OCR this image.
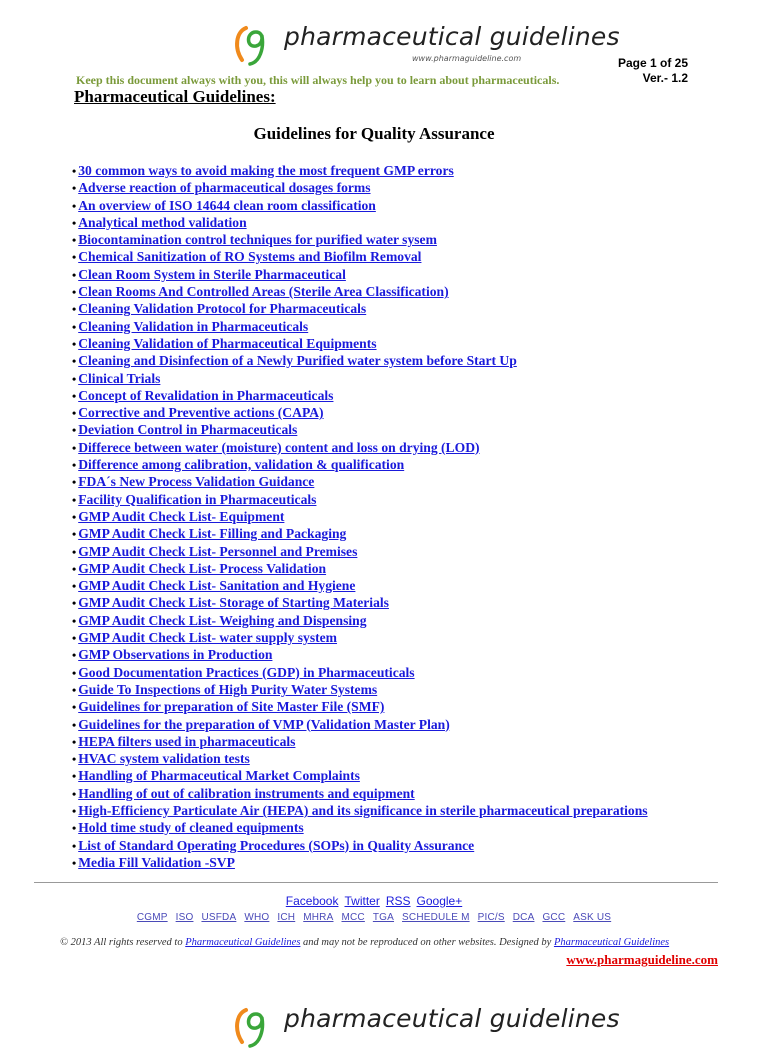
pharmaceutical guidelines
www.pharmaguideline.com	Page 1 of 25
Ver.- 1.2
Keep this document always with you, this will always help you to learn about pharmaceuticals.
Pharmaceutical Guidelines:
Guidelines for Quality Assurance
• 30 common ways to avoid making the most frequent GMP errors
• Adverse reaction of pharmaceutical dosages forms
• An overview of ISO 14644 clean room classification
• Analytical method validation
• Biocontamination control techniques for purified water sysem
• Chemical Sanitization of RO Systems and Biofilm Removal
• Clean Room System in Sterile Pharmaceutical
• Clean Rooms And Controlled Areas (Sterile Area Classification)
• Cleaning Validation Protocol for Pharmaceuticals
• Cleaning Validation in Pharmaceuticals
• Cleaning Validation of Pharmaceutical Equipments
• Cleaning and Disinfection of a Newly Purified water system before Start Up
• Clinical Trials
• Concept of Revalidation in Pharmaceuticals
• Corrective and Preventive actions (CAPA)
• Deviation Control in Pharmaceuticals
• Differece between water (moisture) content and loss on drying (LOD)
• Difference among calibration, validation & qualification
• FDA´s New Process Validation Guidance
• Facility Qualification in Pharmaceuticals
• GMP Audit Check List- Equipment
• GMP Audit Check List- Filling and Packaging
• GMP Audit Check List- Personnel and Premises
• GMP Audit Check List- Process Validation
• GMP Audit Check List- Sanitation and Hygiene
• GMP Audit Check List- Storage of Starting Materials
• GMP Audit Check List- Weighing and Dispensing
• GMP Audit Check List- water supply system
• GMP Observations in Production
• Good Documentation Practices (GDP) in Pharmaceuticals
• Guide To Inspections of High Purity Water Systems
• Guidelines for preparation of Site Master File (SMF)
• Guidelines for the preparation of VMP (Validation Master Plan)
• HEPA filters used in pharmaceuticals
• HVAC system validation tests
• Handling of Pharmaceutical Market Complaints
• Handling of out of calibration instruments and equipment
• High-Efficiency Particulate Air (HEPA) and its significance in sterile pharmaceutical preparations
• Hold time study of cleaned equipments
• List of Standard Operating Procedures (SOPs) in Quality Assurance
• Media Fill Validation -SVP
Facebook Twitter RSS Google+
CGMP ISO USFDA WHO ICH MHRA MCC TGA SCHEDULE M PIC/S DCA GCC ASK US
© 2013 All rights reserved to Pharmaceutical Guidelines and may not be reproduced on other websites. Designed by Pharmaceutical Guidelines
www.pharmaguideline.com
pharmaceutical guidelines
